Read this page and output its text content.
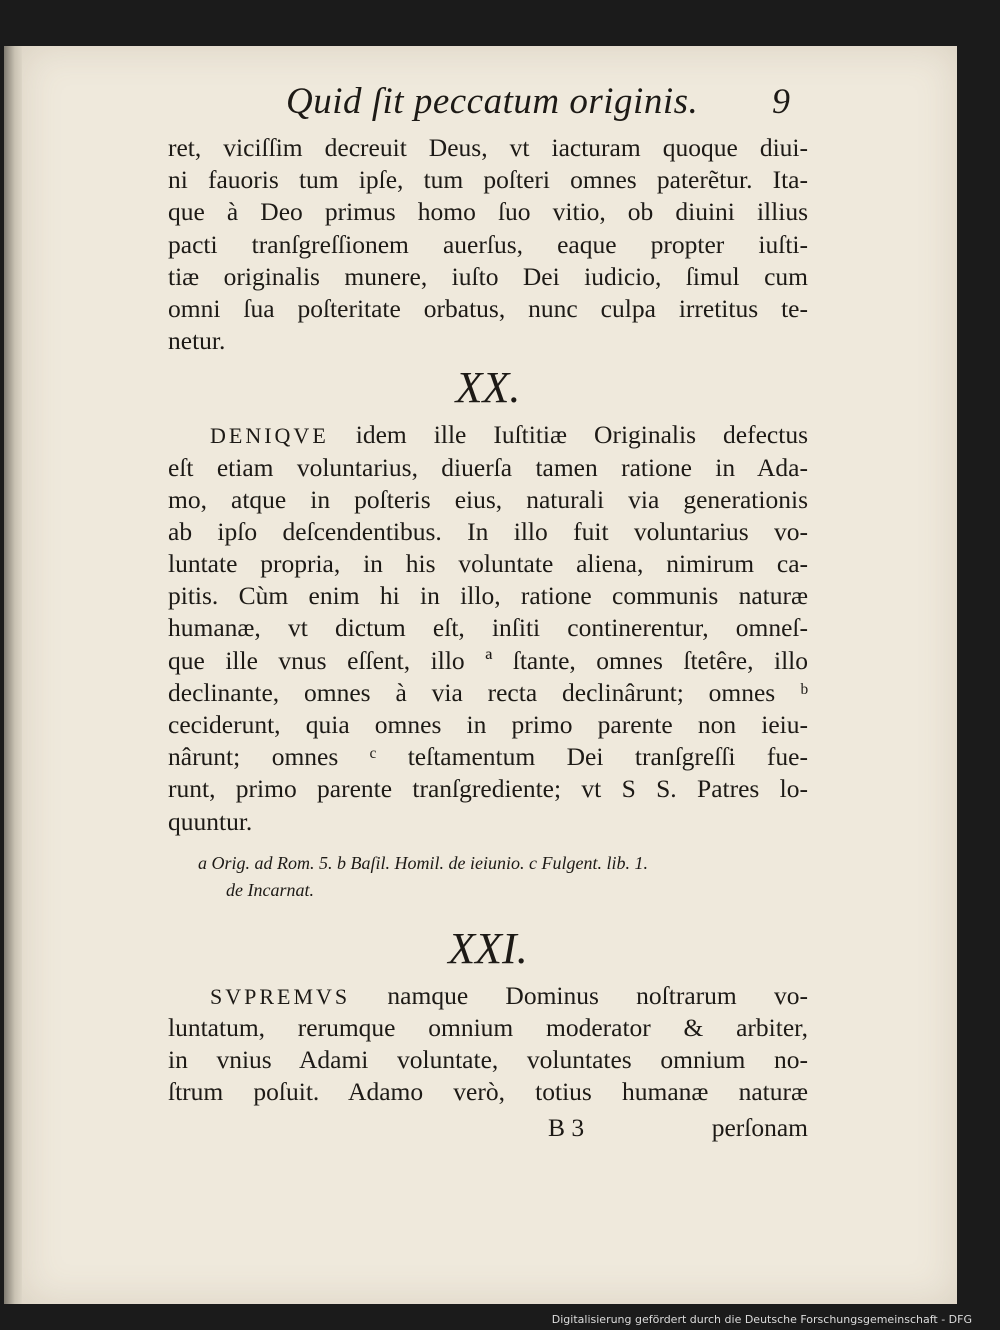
Quid ſit peccatum originis. 9
ret, viciſſim decreuit Deus, vt iacturam quoque diui-
ni fauoris tum ipſe, tum poſteri omnes paterẽtur. Ita-
que à Deo primus homo ſuo vitio, ob diuini illius
pacti tranſgreſſionem auerſus, eaque propter iuſti-
tiæ originalis munere, iuſto Dei iudicio, ſimul cum
omni ſua poſteritate orbatus, nunc culpa irretitus te-
netur.
XX.
DENIQVE idem ille Iuſtitiæ Originalis defectus
eſt etiam voluntarius, diuerſa tamen ratione in Ada-
mo, atque in poſteris eius, naturali via generationis
ab ipſo deſcendentibus. In illo fuit voluntarius vo-
luntate propria, in his voluntate aliena, nimirum ca-
pitis. Cùm enim hi in illo, ratione communis naturæ
humanæ, vt dictum eſt, inſiti continerentur, omneſ-
que ille vnus eſſent, illo ª ſtante, omnes ſtetêre, illo
declinante, omnes à via recta declinârunt; omnes ᵇ
ceciderunt, quia omnes in primo parente non ieiu-
nârunt; omnes ᶜ teſtamentum Dei tranſgreſſi fue-
runt, primo parente tranſgrediente; vt S S. Patres lo-
quuntur.
a Orig. ad Rom. 5. b Baſil. Homil. de ieiunio. c Fulgent. lib. 1.
de Incarnat.
XXI.
SVPREMVS namque Dominus noſtrarum vo-
luntatum, rerumque omnium moderator & arbiter,
in vnius Adami voluntate, voluntates omnium no-
ſtrum poſuit. Adamo verò, totius humanæ naturæ
B 3	perſonam
Digitalisierung gefördert durch die Deutsche Forschungsgemeinschaft - DFG
